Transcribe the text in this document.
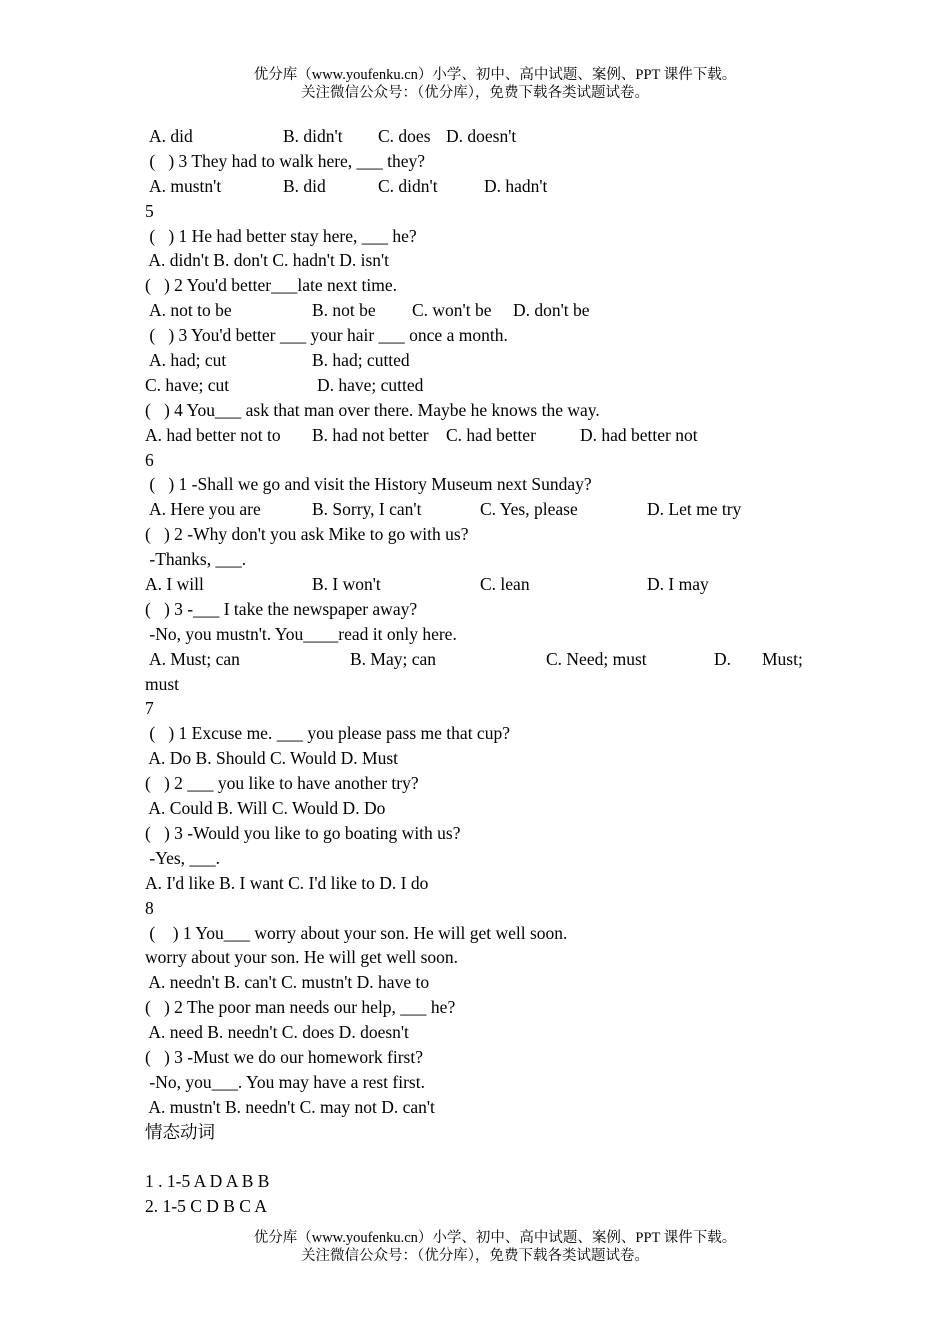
优分库（www.youfenku.cn）小学、初中、高中试题、案例、PPT 课件下载。
关注微信公众号：（优分库），免费下载各类试题试卷。

A. did

	B. didn't

C. does

D. doesn't

(   ) 3 They had to walk here, ___ they?

A. mustn't

	B. did

	C. didn't

	D. hadn't

5
(   ) 1 He had better stay here, ___ he?
A. didn't B. don't C. hadn't D. isn't
(   ) 2 You'd better___late next time.

A. not to be

	B. not be

C. won't be

D. don't be

(   ) 3 You'd better ___ your hair ___ once a month.

A. had; cut

	B. had; cutted

C. have; cut

	D. have; cutted

(   ) 4 You___ ask that man over there. Maybe he knows the way.

A. had better not to

B. had not better

C. had better

	D. had better not

6
(   ) 1 -Shall we go and visit the History Museum next Sunday?

A. Here you are

	B. Sorry, I can't

	C. Yes, please

	D. Let me try

(   ) 2 -Why don't you ask Mike to go with us?
-Thanks, ___.

A. I will

	B. I won't

	C. lean

	D. I may

(   ) 3 -___ I take the newspaper away?
-No, you mustn't. You____read it only here.

A. Must; can

	B. May; can

	C. Need; must

	D.

Must;

must
7
(   ) 1 Excuse me. ___ you please pass me that cup?
A. Do B. Should C. Would D. Must
(   ) 2 ___ you like to have another try?
A. Could B. Will C. Would D. Do
(   ) 3 -Would you like to go boating with us?
-Yes, ___.
A. I'd like B. I want C. I'd like to D. I do
8
(    ) 1 You___ worry about your son. He will get well soon.
worry about your son. He will get well soon.
A. needn't B. can't C. mustn't D. have to
(   ) 2 The poor man needs our help, ___ he?
A. need B. needn't C. does D. doesn't
(   ) 3 -Must we do our homework first?
-No, you___. You may have a rest first.
A. mustn't B. needn't C. may not D. can't
情态动词
1 . 1-5 A D A B B
2. 1-5 C D B C A
优分库（www.youfenku.cn）小学、初中、高中试题、案例、PPT 课件下载。
关注微信公众号：（优分库），免费下载各类试题试卷。
